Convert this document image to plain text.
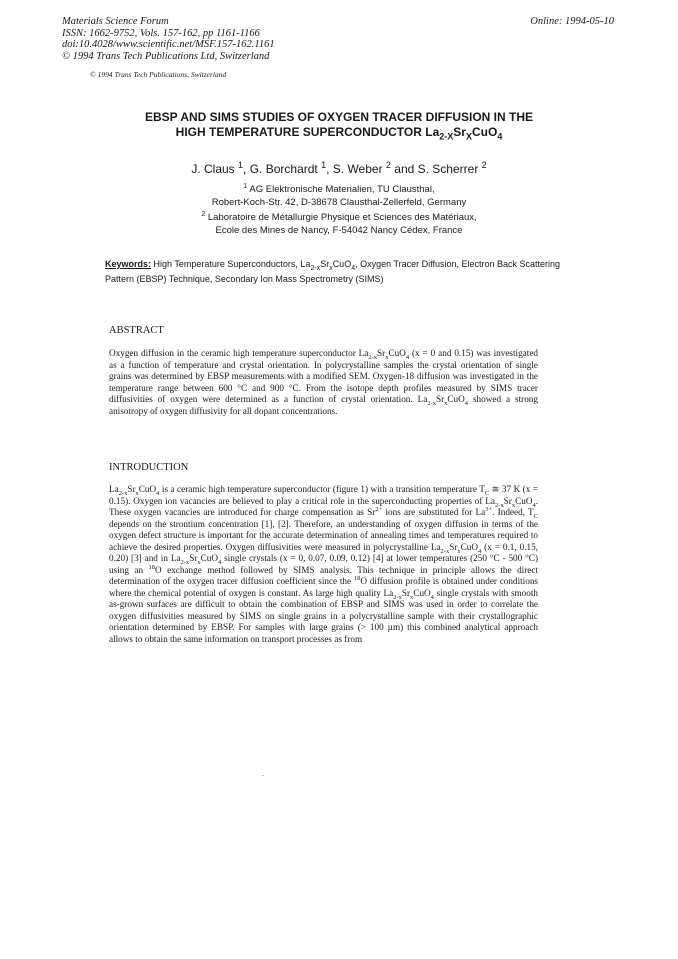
Materials Science Forum
ISSN: 1662-9752, Vols. 157-162, pp 1161-1166
doi:10.4028/www.scientific.net/MSF.157-162.1161
© 1994 Trans Tech Publications Ltd, Switzerland
Online: 1994-05-10
© 1994 Trans Tech Publications, Switzerland
EBSP AND SIMS STUDIES OF OXYGEN TRACER DIFFUSION IN THE
HIGH TEMPERATURE SUPERCONDUCTOR $La_{2-X}Sr_XCuO_4$
J. Claus $^1$, G. Borchardt $^1$, S. Weber $^2$ and S. Scherrer $^2$
$^1$ AG Elektronische Materialien, TU Clausthal,
Robert-Koch-Str. 42, D-38678 Clausthal-Zellerfeld, Germany
$^2$ Laboratoire de Métallurgie Physique et Sciences des Matériaux,
Ecole des Mines de Nancy, F-54042 Nancy Cédex, France
Keywords: High Temperature Superconductors, $La_{2-x}Sr_xCuO_4$, Oxygen Tracer Diffusion, Electron Back Scattering Pattern (EBSP) Technique, Secondary Ion Mass Spectrometry (SIMS)
ABSTRACT
Oxygen diffusion in the ceramic high temperature superconductor $La_{2-x}Sr_xCuO_4$ (x = 0 and 0.15) was investigated as a function of temperature and crystal orientation. In polycrystalline samples the crystal orientation of single grains was determined by EBSP measurements with a modified SEM. Oxygen-18 diffusion was investigated in the temperature range between 600 °C and 900 °C. From the isotope depth profiles measured by SIMS tracer diffusivities of oxygen were determined as a function of crystal orientation. $La_{2-x}Sr_xCuO_4$ showed a strong anisotropy of oxygen diffusivity for all dopant concentrations.
INTRODUCTION
$La_{2-x}Sr_xCuO_4$ is a ceramic high temperature superconductor (figure 1) with a transition temperature $T_C$ ≅ 37 K (x = 0.15). Oxygen ion vacancies are believed to play a critical role in the superconducting properties of $La_{2-x}Sr_xCuO_4$. These oxygen vacancies are introduced for charge compensation as $Sr^{2+}$ ions are substituted for $La^{3+}$. Indeed, $T_C$ depends on the strontium concentration [1], [2]. Therefore, an understanding of oxygen diffusion in terms of the oxygen defect structure is important for the accurate determination of annealing times and temperatures required to achieve the desired properties. Oxygen diffusivities were measured in polycrystalline $La_{2-x}Sr_xCuO_4$ (x = 0.1, 0.15, 0.20) [3] and in $La_{2-x}Sr_xCuO_4$ single crystals (x = 0, 0.07, 0.09, 0.12) [4] at lower temperatures (250 °C - 500 °C) using an $^{18}$O exchange method followed by SIMS analysis. This technique in principle allows the direct determination of the oxygen tracer diffusion coefficient since the $^{18}$O diffusion profile is obtained under conditions where the chemical potential of oxygen is constant. As large high quality $La_{2-x}Sr_xCuO_4$ single crystals with smooth as-grown surfaces are difficult to obtain the combination of EBSP and SIMS was used in order to correlate the oxygen diffusivities measured by SIMS on single grains in a polycrystalline sample with their crystallographic orientation determined by EBSP. For samples with large grains (> 100 µm) this combined analytical approach allows to obtain the same information on transport processes as from
